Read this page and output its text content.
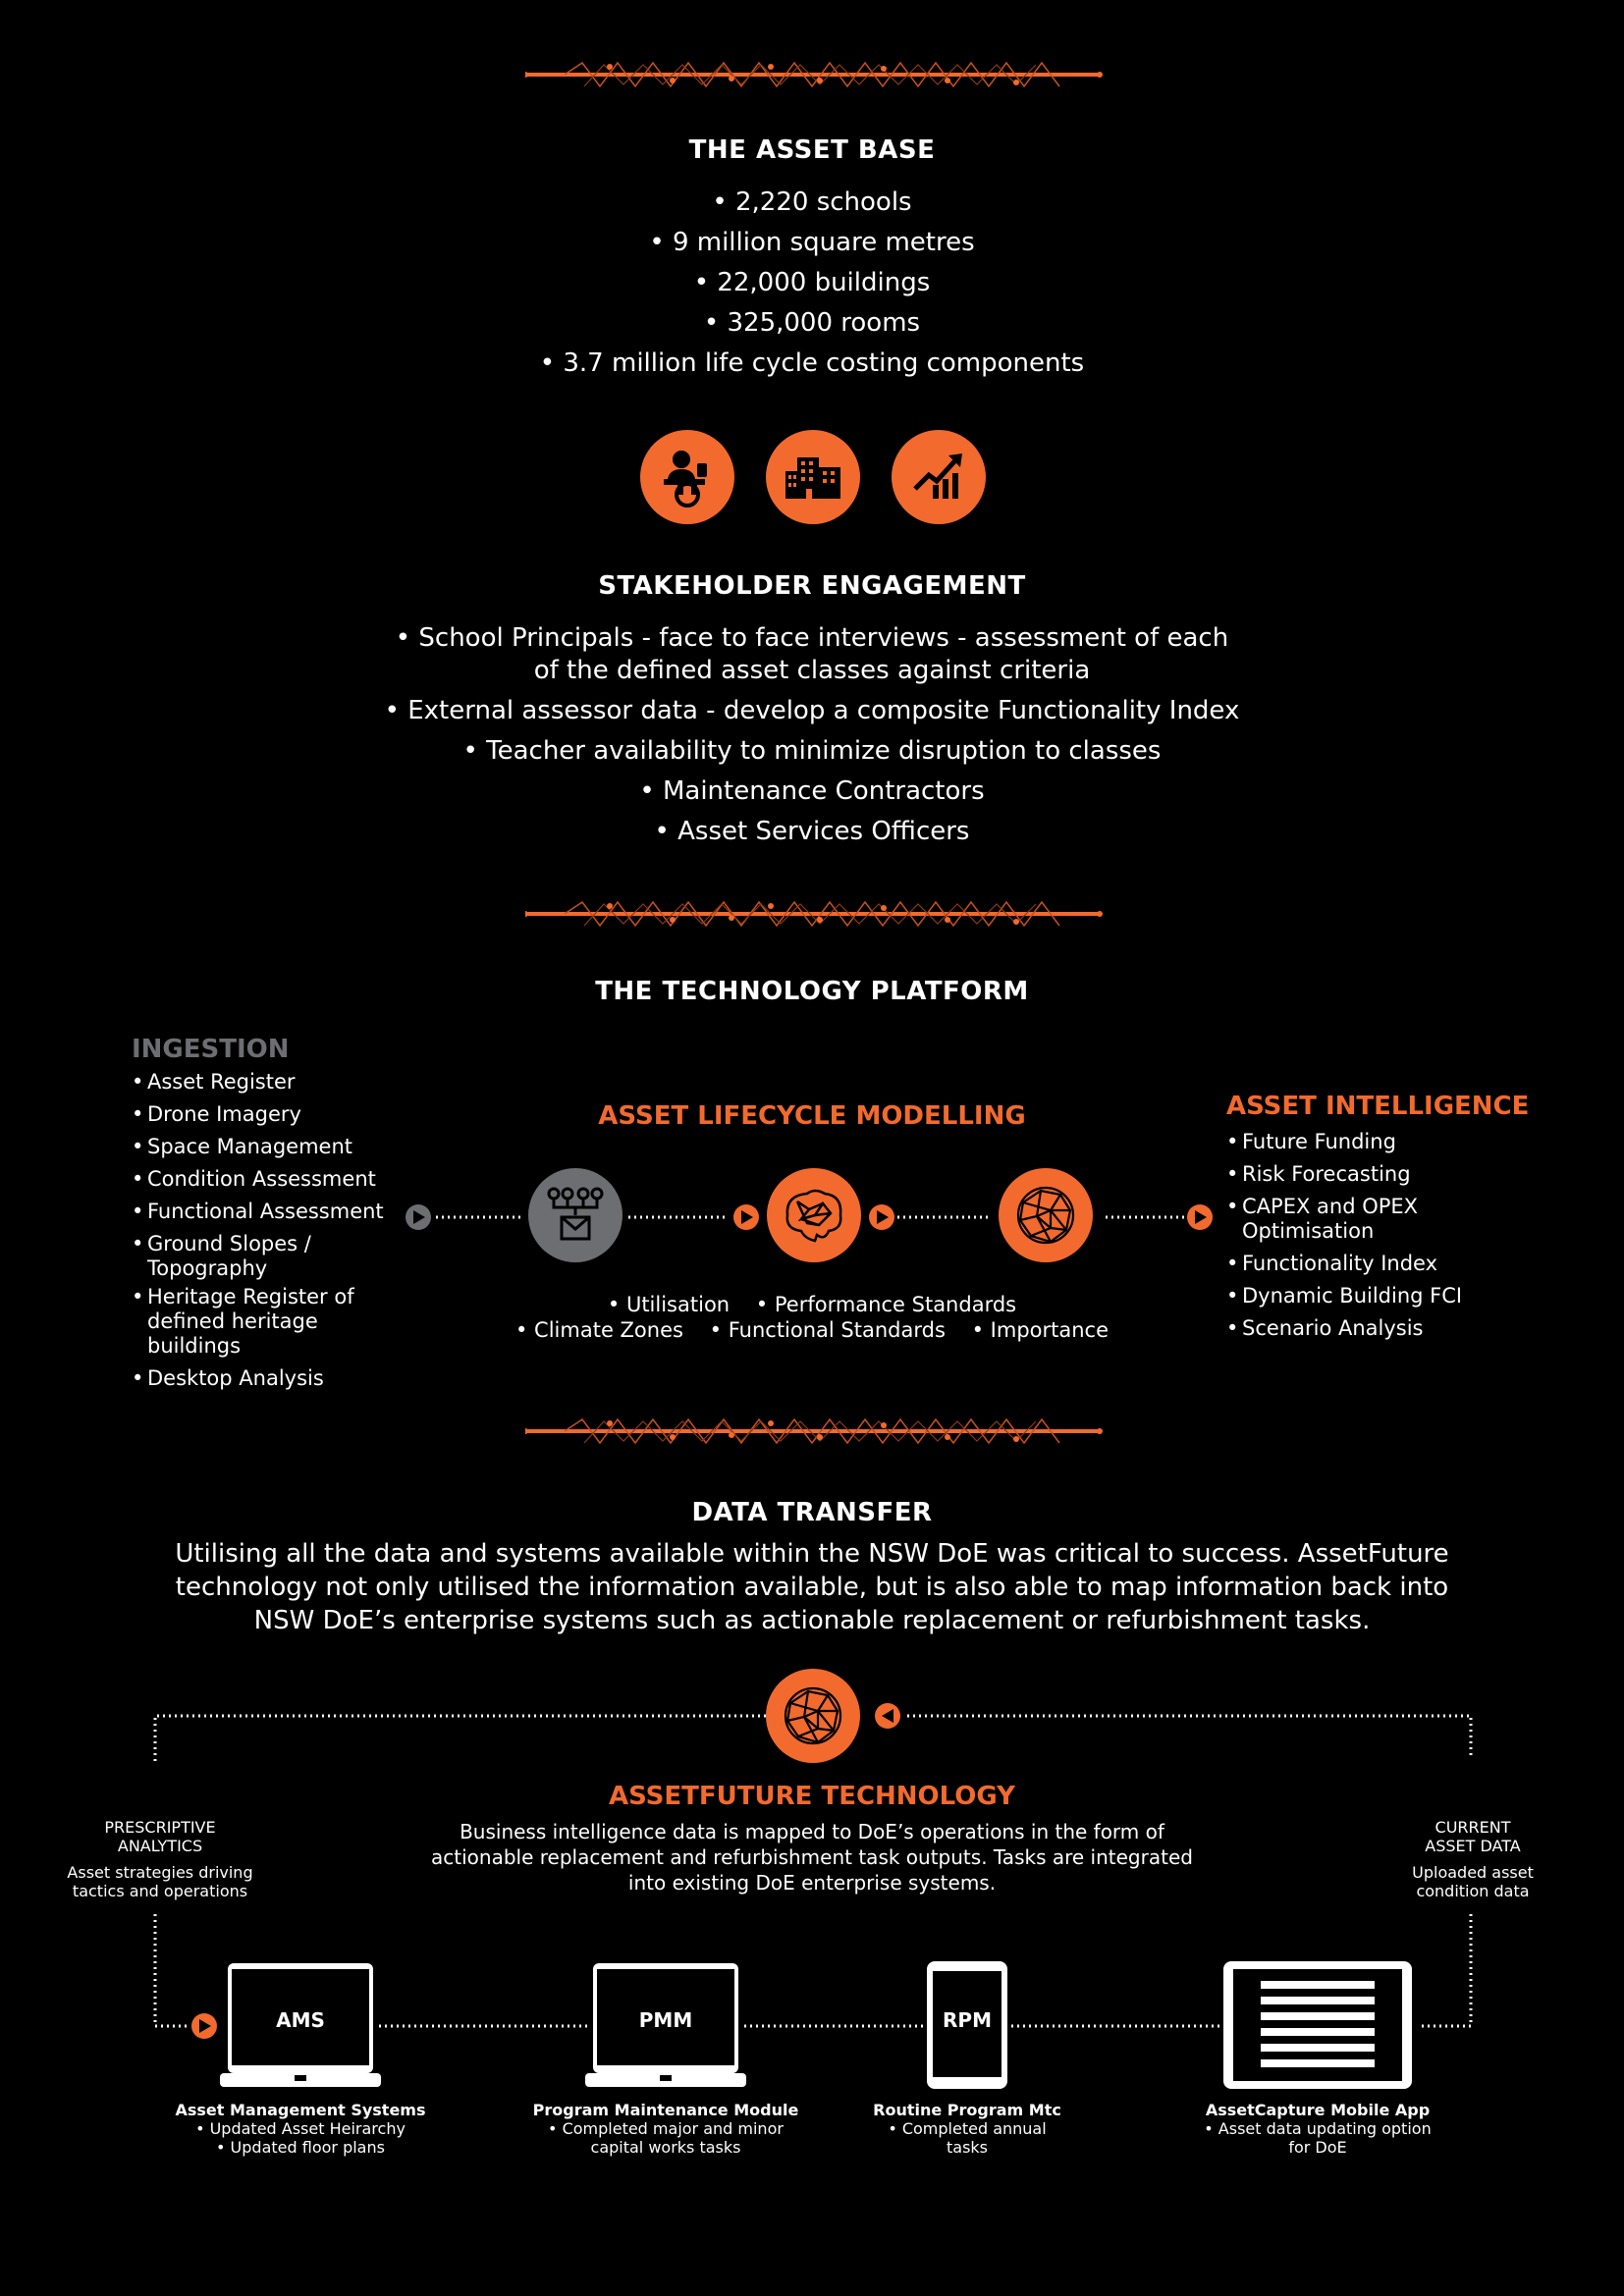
THE ASSET BASE
• 2,220 schools
• 9 million square metres
• 22,000 buildings
• 325,000 rooms
• 3.7 million life cycle costing components
STAKEHOLDER ENGAGEMENT
• School Principals - face to face interviews - assessment of each
of the defined asset classes against criteria
• External assessor data - develop a composite Functionality Index
• Teacher availability to minimize disruption to classes
• Maintenance Contractors
• Asset Services Officers
THE TECHNOLOGY PLATFORM
INGESTION
• Asset Register
• Drone Imagery
• Space Management
• Condition Assessment
• Functional Assessment
• Ground Slopes / Topography
• Heritage Register of defined heritage buildings
• Desktop Analysis
ASSET LIFECYCLE MODELLING
• Utilisation    • Performance Standards
• Climate Zones    • Functional Standards    • Importance
ASSET INTELLIGENCE
• Future Funding
• Risk Forecasting
• CAPEX and OPEX Optimisation
• Functionality Index
• Dynamic Building FCI
• Scenario Analysis
DATA TRANSFER
Utilising all the data and systems available within the NSW DoE was critical to success. AssetFuture
technology not only utilised the information available, but is also able to map information back into
NSW DoE’s enterprise systems such as actionable replacement or refurbishment tasks.
ASSETFUTURE TECHNOLOGY
Business intelligence data is mapped to DoE’s operations in the form of
actionable replacement and refurbishment task outputs. Tasks are integrated
into existing DoE enterprise systems.
PRESCRIPTIVE
ANALYTICS
Asset strategies driving
tactics and operations
CURRENT
ASSET DATA
Uploaded asset
condition data
AMS	PMM	RPM
Asset Management Systems
• Updated Asset Heirarchy
• Updated floor plans
Program Maintenance Module
• Completed major and minor
capital works tasks
Routine Program Mtc
• Completed annual
tasks
AssetCapture Mobile App
• Asset data updating option
for DoE
